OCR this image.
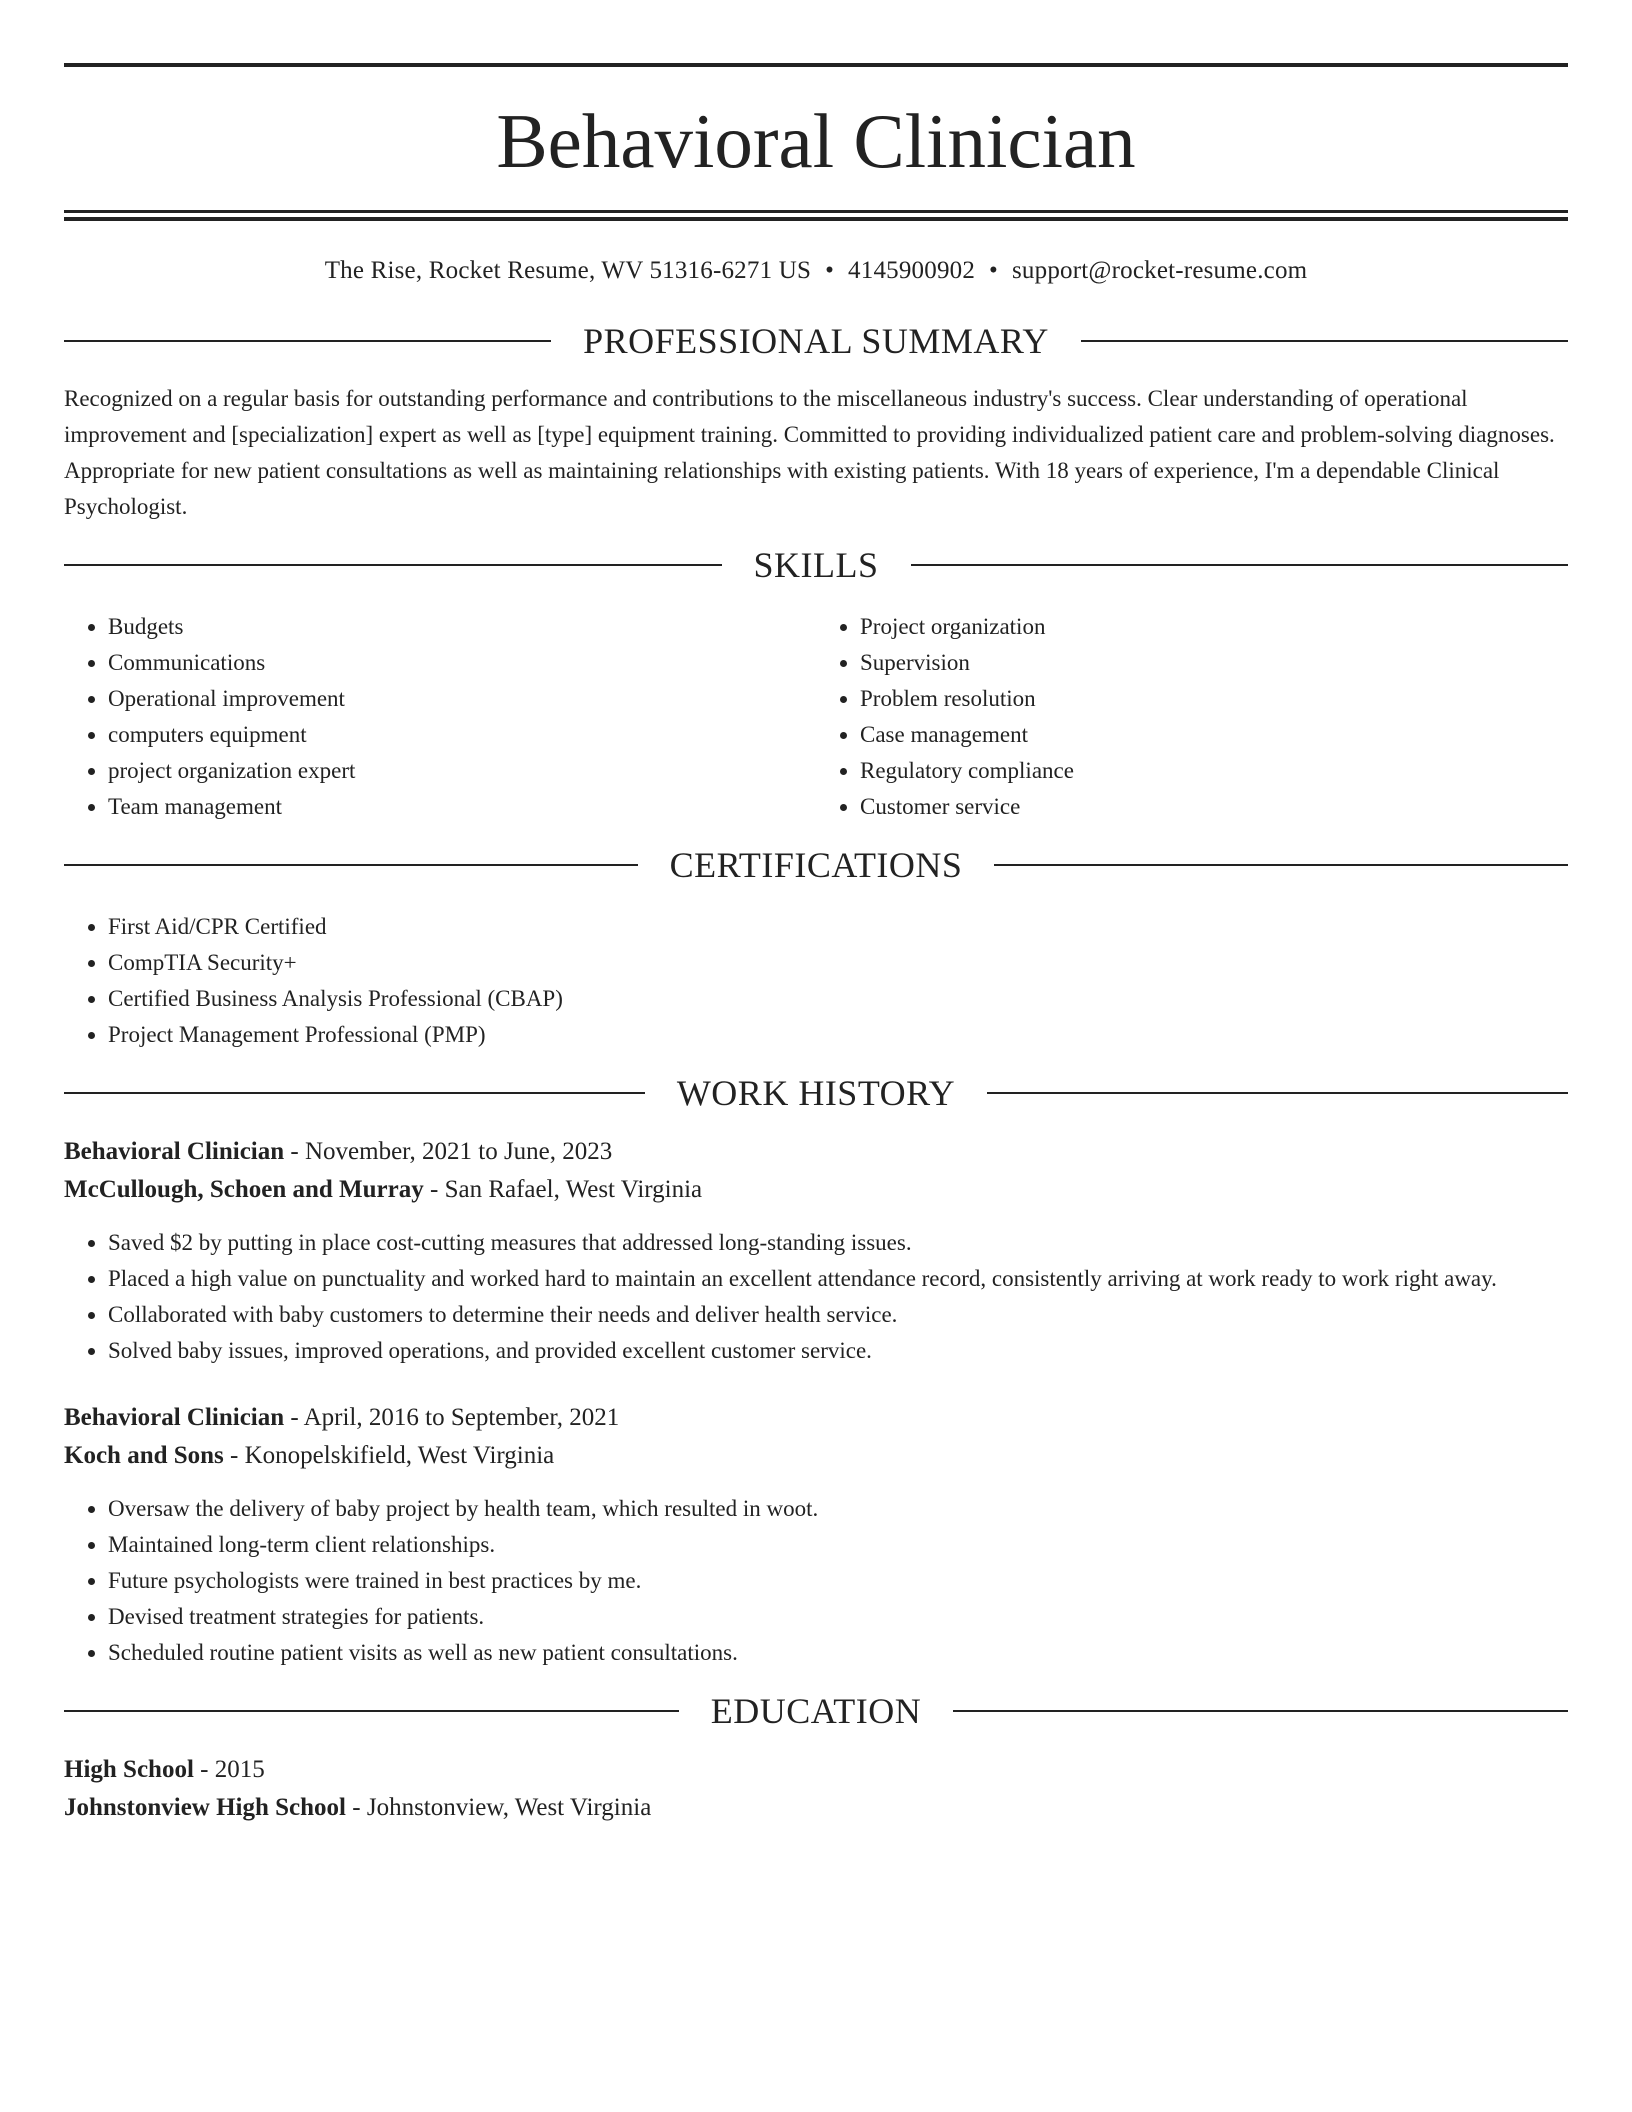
Behavioral Clinician
The Rise, Rocket Resume, WV 51316-6271 US • 4145900902 • support@rocket-resume.com
PROFESSIONAL SUMMARY

Recognized on a regular basis for outstanding performance and contributions to the miscellaneous industry's success. Clear understanding of operational improvement and [specialization] expert as well as [type] equipment training. Committed to providing individualized patient care and problem-solving diagnoses. Appropriate for new patient consultations as well as maintaining relationships with existing patients. With 18 years of experience, I'm a dependable Clinical Psychologist.

SKILLS
• Budgets
• Communications
• Operational improvement
• computers equipment
• project organization expert
• Team management
• Project organization
• Supervision
• Problem resolution
• Case management
• Regulatory compliance
• Customer service
CERTIFICATIONS
• First Aid/CPR Certified
• CompTIA Security+
• Certified Business Analysis Professional (CBAP)
• Project Management Professional (PMP)
WORK HISTORY
Behavioral Clinician - November, 2021 to June, 2023
McCullough, Schoen and Murray - San Rafael, West Virginia
• Saved $2 by putting in place cost-cutting measures that addressed long-standing issues.
• Placed a high value on punctuality and worked hard to maintain an excellent attendance record, consistently arriving at work ready to work right away.
• Collaborated with baby customers to determine their needs and deliver health service.
• Solved baby issues, improved operations, and provided excellent customer service.
Behavioral Clinician - April, 2016 to September, 2021
Koch and Sons - Konopelskifield, West Virginia
• Oversaw the delivery of baby project by health team, which resulted in woot.
• Maintained long-term client relationships.
• Future psychologists were trained in best practices by me.
• Devised treatment strategies for patients.
• Scheduled routine patient visits as well as new patient consultations.
EDUCATION
High School - 2015
Johnstonview High School - Johnstonview, West Virginia
